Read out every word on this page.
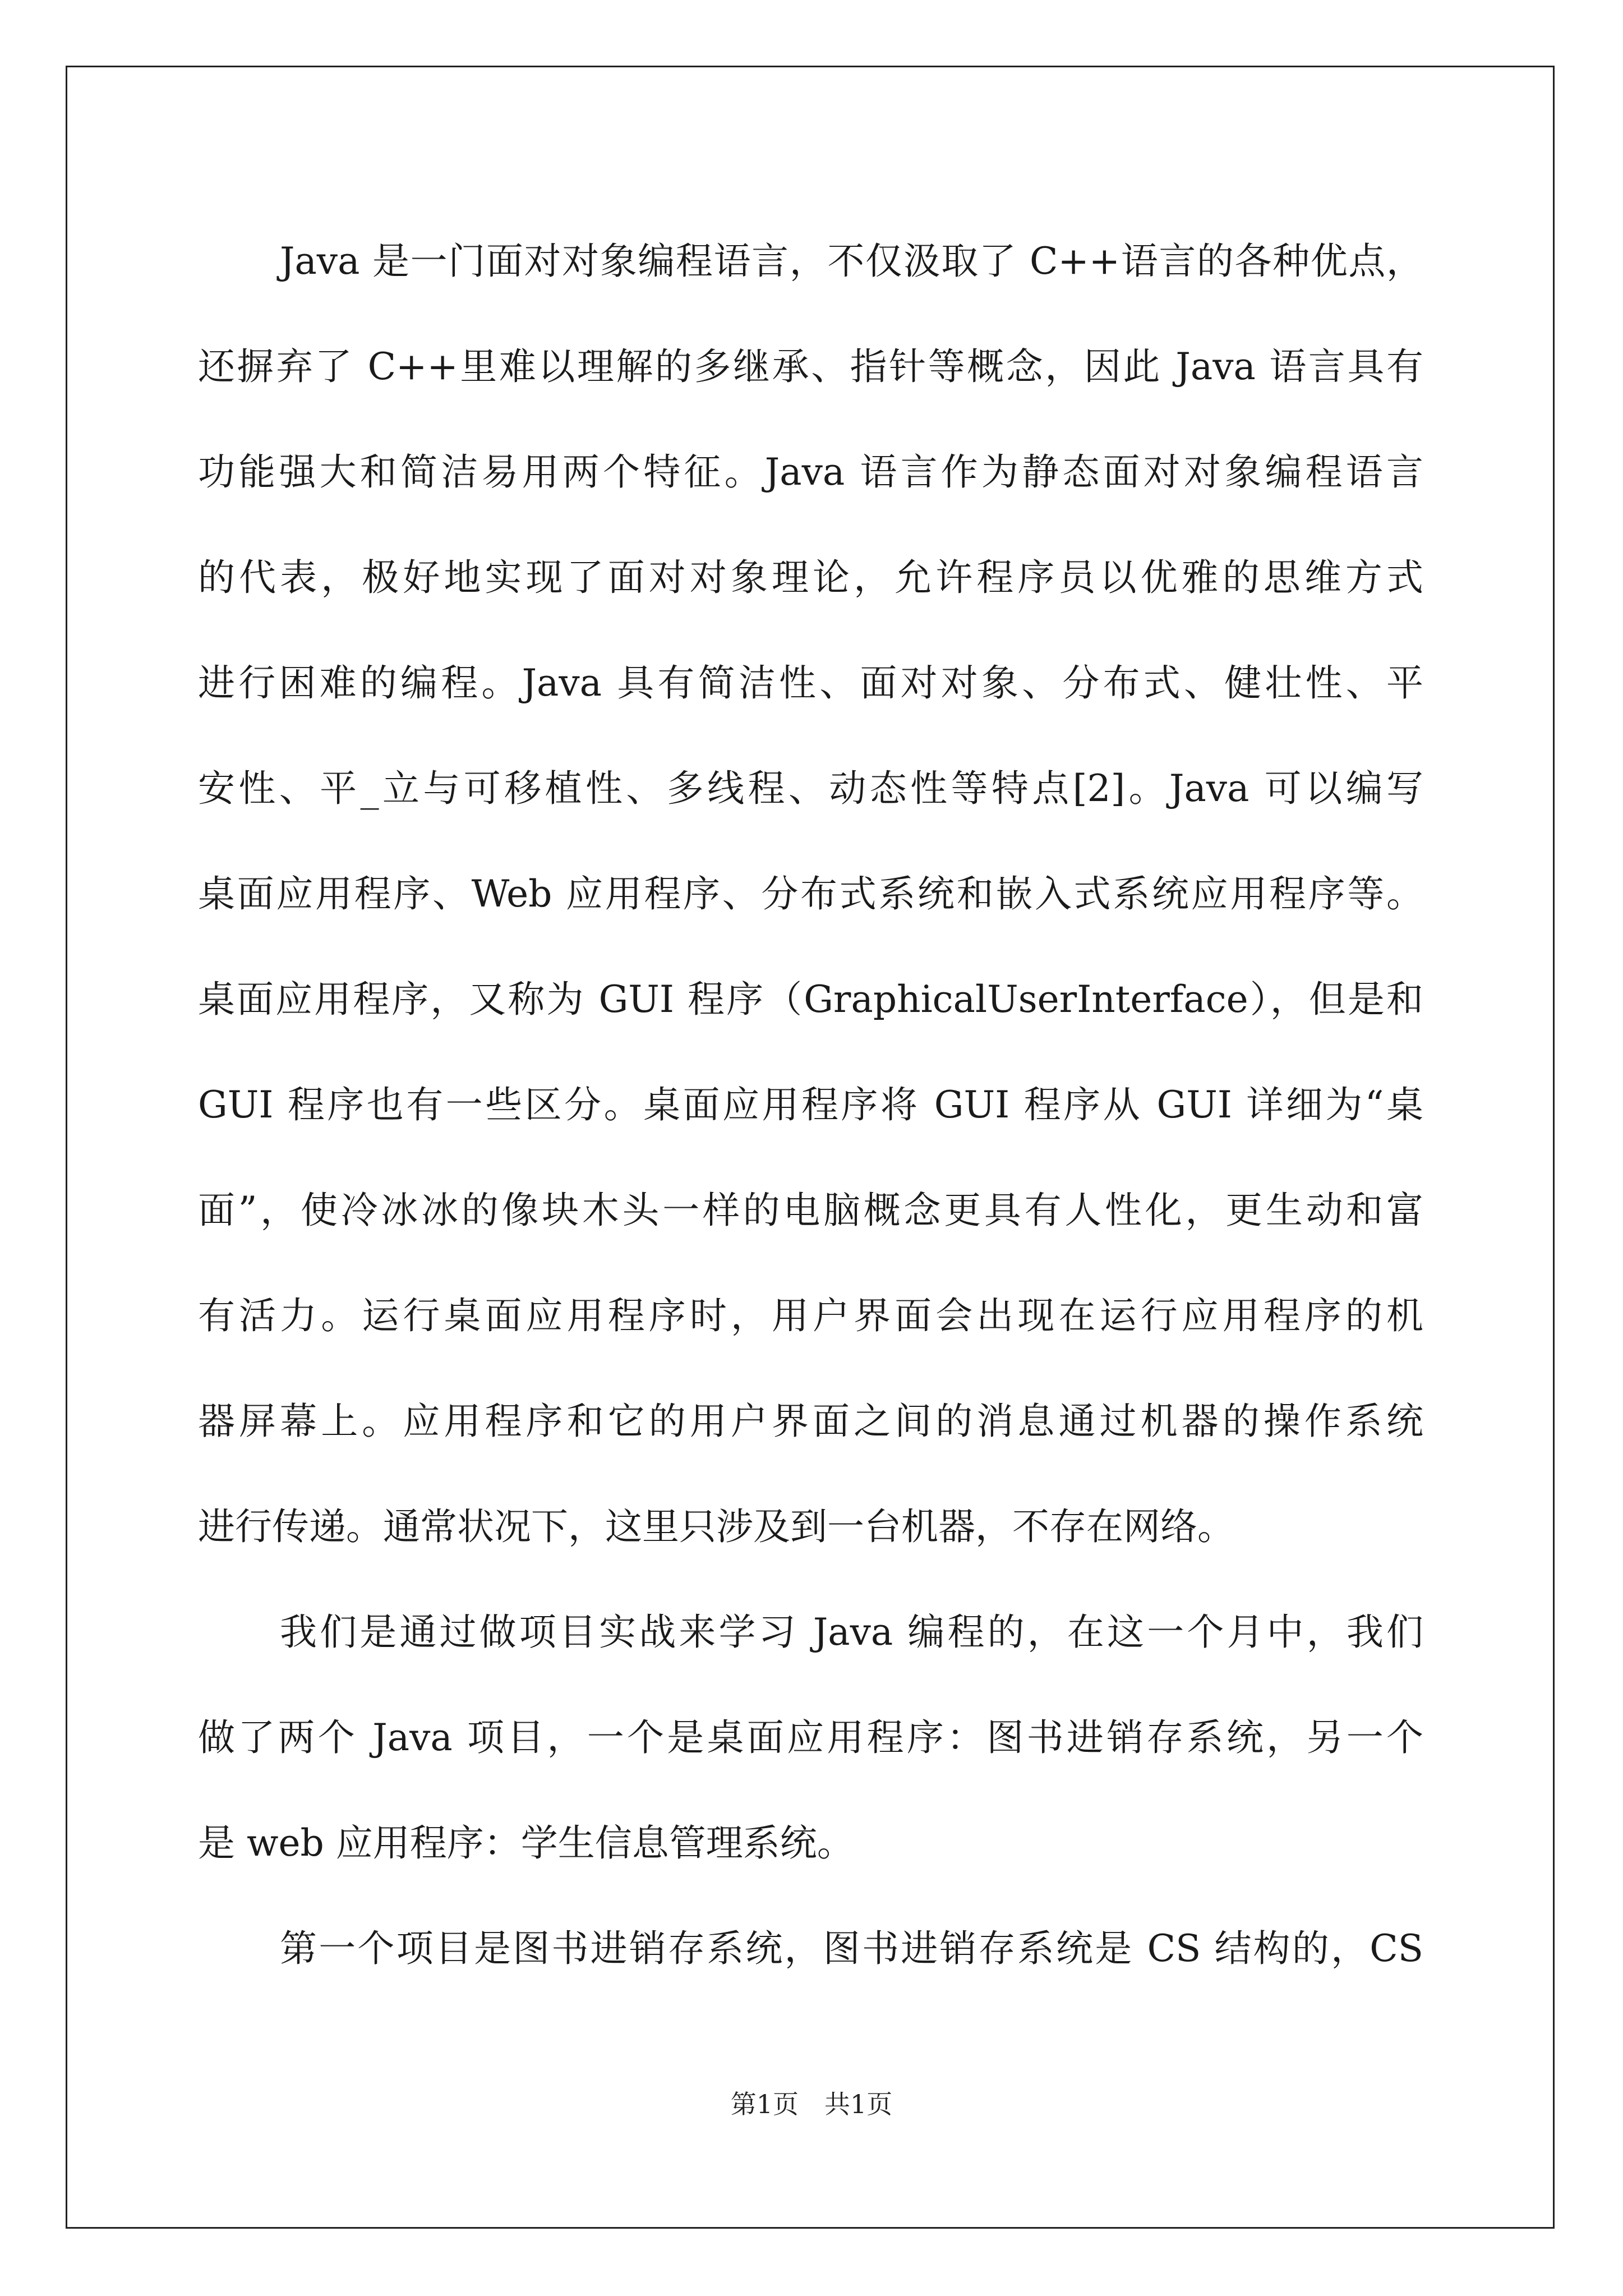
Java 是一门面对对象编程语言，不仅汲取了 C++语言的各种优点，
还摒弃了 C++里难以理解的多继承、指针等概念，因此 Java 语言具有
功能强大和简洁易用两个特征。Java 语言作为静态面对对象编程语言
的代表，极好地实现了面对对象理论，允许程序员以优雅的思维方式
进行困难的编程。Java 具有简洁性、面对对象、分布式、健壮性、平
安性、平_立与可移植性、多线程、动态性等特点[2]。Java 可以编写
桌面应用程序、Web 应用程序、分布式系统和嵌入式系统应用程序等。
桌面应用程序，又称为 GUI 程序（GraphicalUserInterface），但是和
GUI 程序也有一些区分。桌面应用程序将 GUI 程序从 GUI 详细为“桌
面”，使冷冰冰的像块木头一样的电脑概念更具有人性化，更生动和富
有活力。运行桌面应用程序时，用户界面会出现在运行应用程序的机
器屏幕上。应用程序和它的用户界面之间的消息通过机器的操作系统
进行传递。通常状况下，这里只涉及到一台机器，不存在网络。
我们是通过做项目实战来学习 Java 编程的，在这一个月中，我们
做了两个 Java 项目，一个是桌面应用程序：图书进销存系统，另一个
是 web 应用程序：学生信息管理系统。
第一个项目是图书进销存系统，图书进销存系统是 CS 结构的，CS
第1页　共1页
